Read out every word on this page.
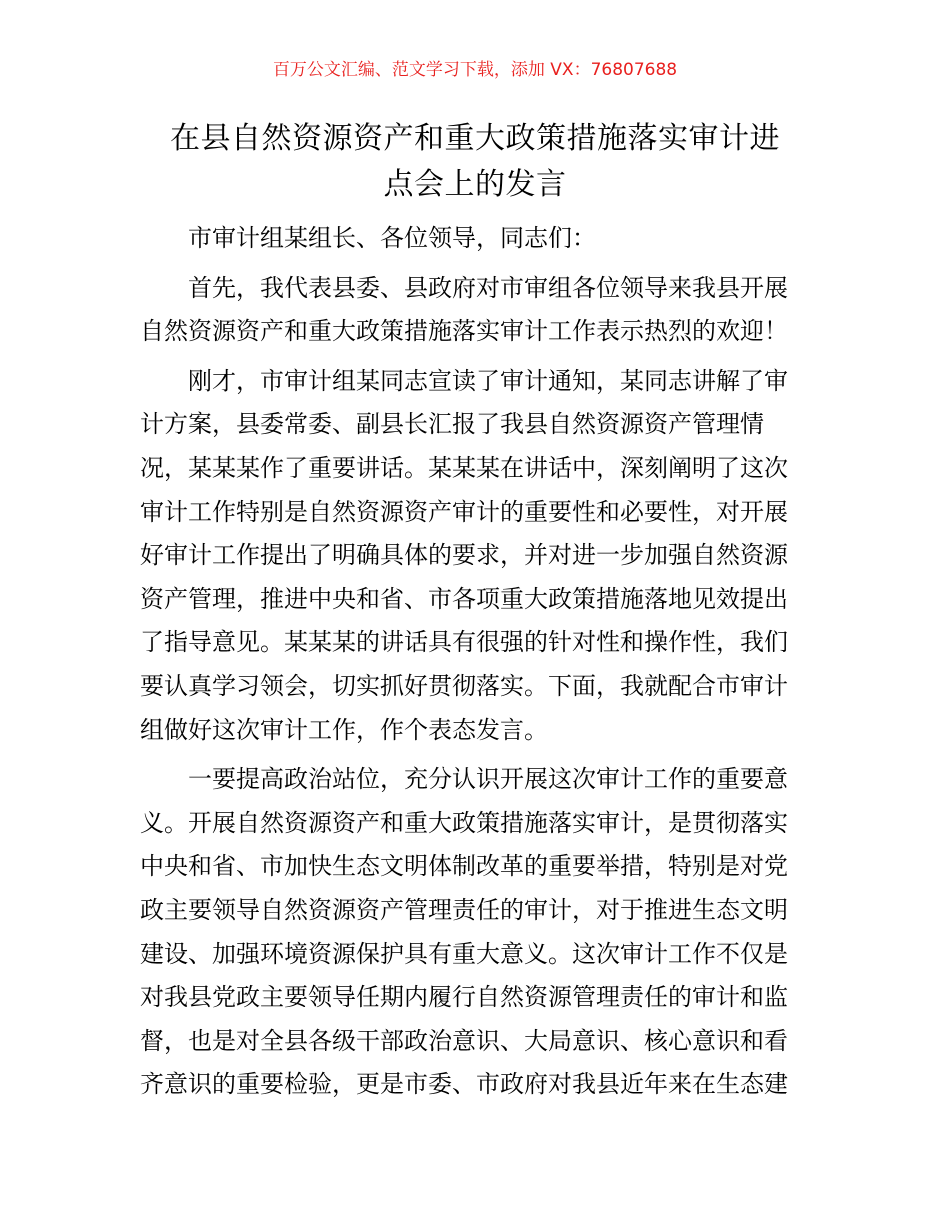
百万公文汇编、范文学习下载，添加 VX：76807688
在县自然资源资产和重大政策措施落实审计进
点会上的发言
市审计组某组长、各位领导，同志们：
首先，我代表县委、县政府对市审组各位领导来我县开展
自然资源资产和重大政策措施落实审计工作表示热烈的欢迎！
刚才，市审计组某同志宣读了审计通知，某同志讲解了审
计方案，县委常委、副县长汇报了我县自然资源资产管理情
况，某某某作了重要讲话。某某某在讲话中，深刻阐明了这次
审计工作特别是自然资源资产审计的重要性和必要性，对开展
好审计工作提出了明确具体的要求，并对进一步加强自然资源
资产管理，推进中央和省、市各项重大政策措施落地见效提出
了指导意见。某某某的讲话具有很强的针对性和操作性，我们
要认真学习领会，切实抓好贯彻落实。下面，我就配合市审计
组做好这次审计工作，作个表态发言。
一要提高政治站位，充分认识开展这次审计工作的重要意
义。开展自然资源资产和重大政策措施落实审计，是贯彻落实
中央和省、市加快生态文明体制改革的重要举措，特别是对党
政主要领导自然资源资产管理责任的审计，对于推进生态文明
建设、加强环境资源保护具有重大意义。这次审计工作不仅是
对我县党政主要领导任期内履行自然资源管理责任的审计和监
督，也是对全县各级干部政治意识、大局意识、核心意识和看
齐意识的重要检验，更是市委、市政府对我县近年来在生态建
